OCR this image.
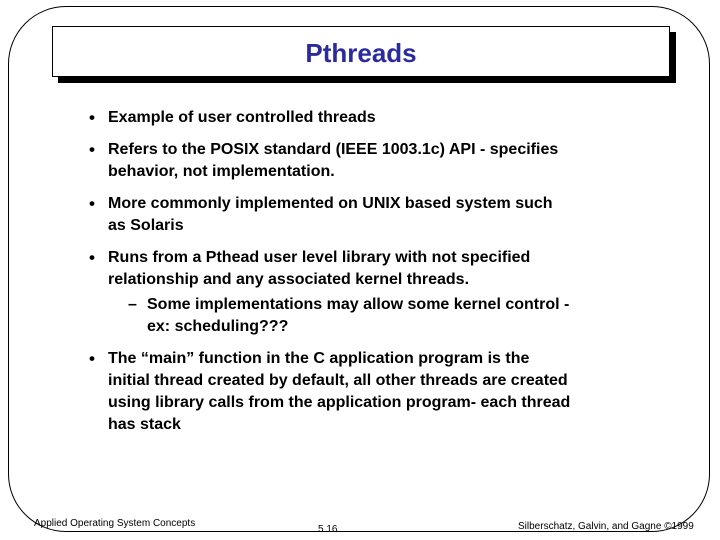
Pthreads
• Example of user controlled threads
• Refers to the POSIX standard (IEEE 1003.1c) API - specifies
behavior, not implementation.
• More commonly implemented on UNIX based system such
as Solaris
• Runs from a Pthead user level library with not specified
relationship and any associated kernel threads.
– Some implementations may allow some kernel control -
ex: scheduling???
• The “main” function in the C application program is the
initial thread created by default, all other threads are created
using library calls from the application program- each thread
has stack
Applied Operating System Concepts
5.16	Silberschatz, Galvin, and Gagne ©1999
